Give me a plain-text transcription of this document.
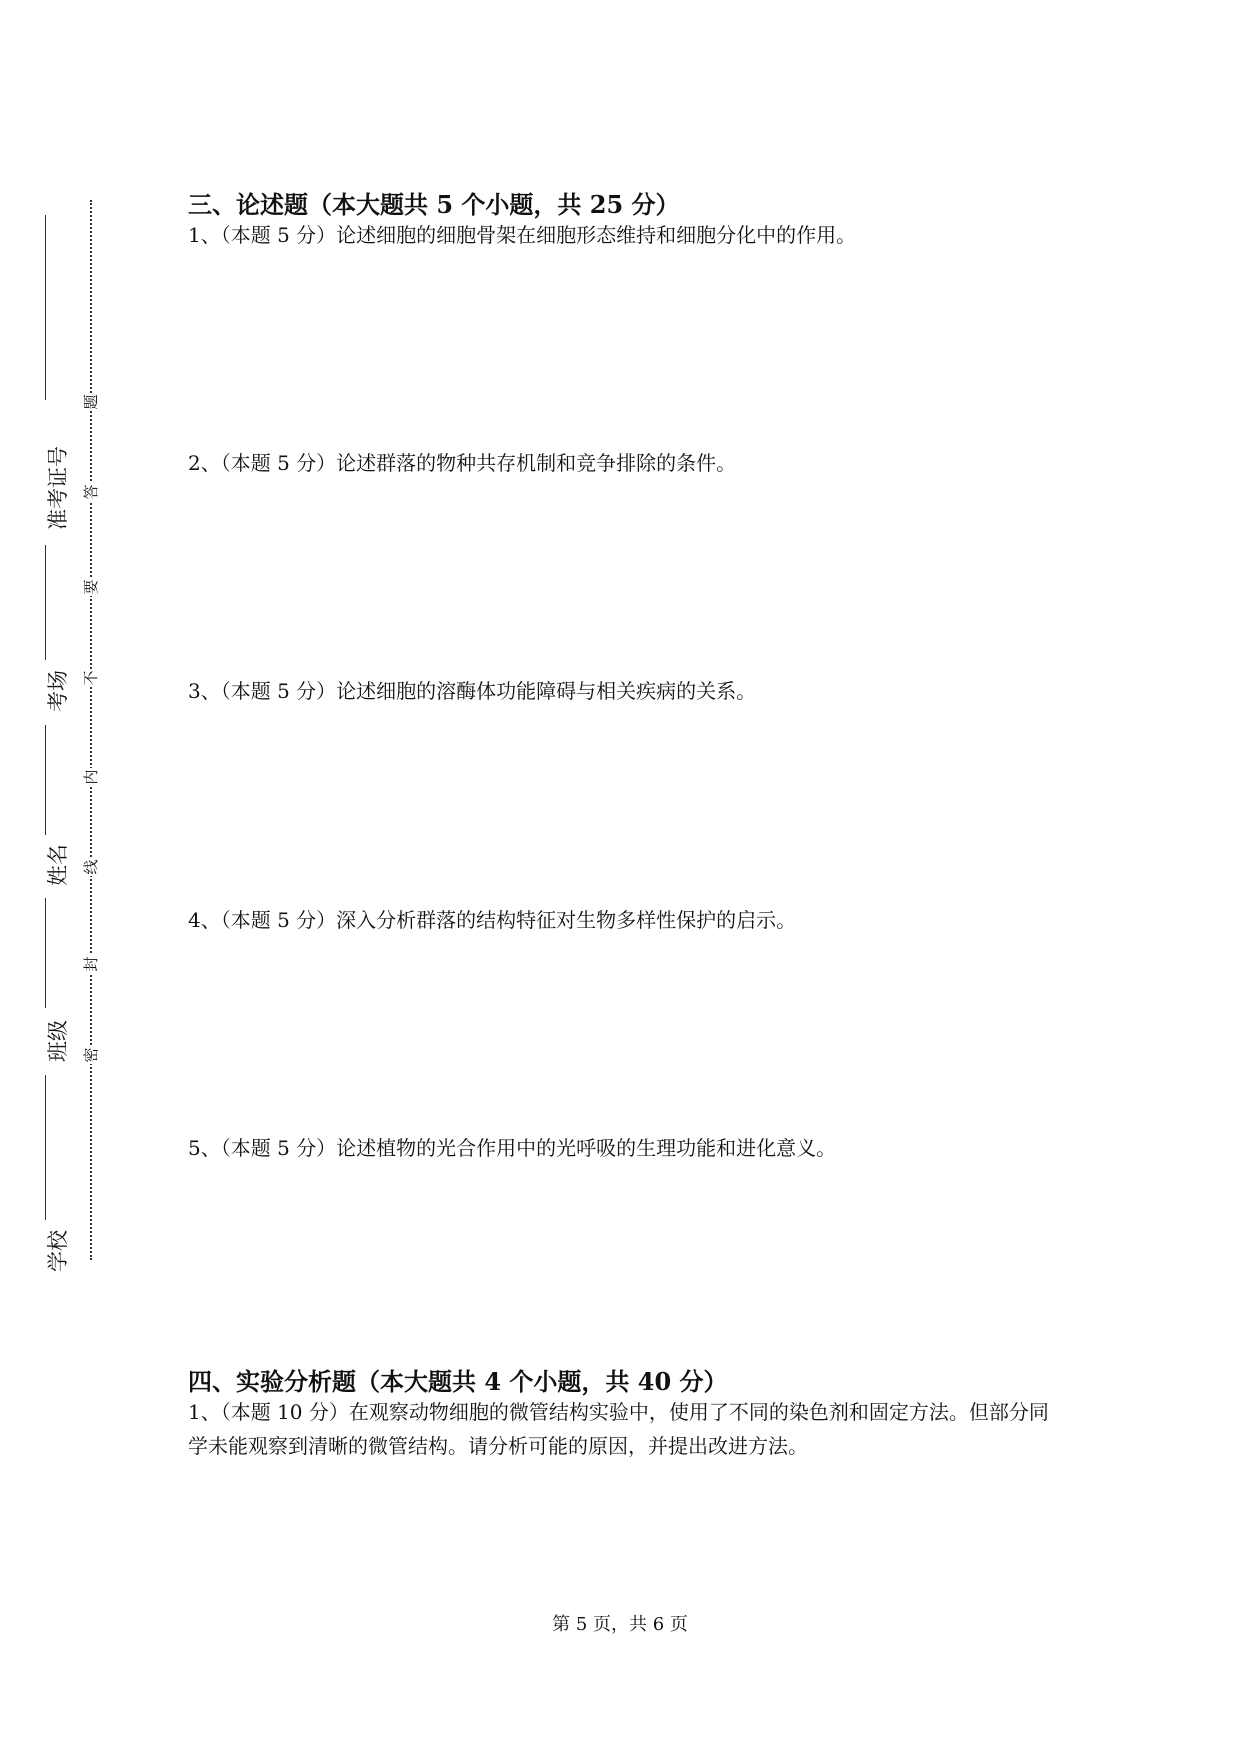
准考证号
考场
姓名
班级
学校
题
答
要
不
内
线
封
密
三、论述题（本大题共 5 个小题，共 25 分）
1、（本题 5 分）论述细胞的细胞骨架在细胞形态维持和细胞分化中的作用。
2、（本题 5 分）论述群落的物种共存机制和竞争排除的条件。
3、（本题 5 分）论述细胞的溶酶体功能障碍与相关疾病的关系。
4、（本题 5 分）深入分析群落的结构特征对生物多样性保护的启示。
5、（本题 5 分）论述植物的光合作用中的光呼吸的生理功能和进化意义。
四、实验分析题（本大题共 4 个小题，共 40 分）
1、（本题 10 分）在观察动物细胞的微管结构实验中，使用了不同的染色剂和固定方法。但部分同学未能观察到清晰的微管结构。请分析可能的原因，并提出改进方法。
第 5 页，共 6 页
